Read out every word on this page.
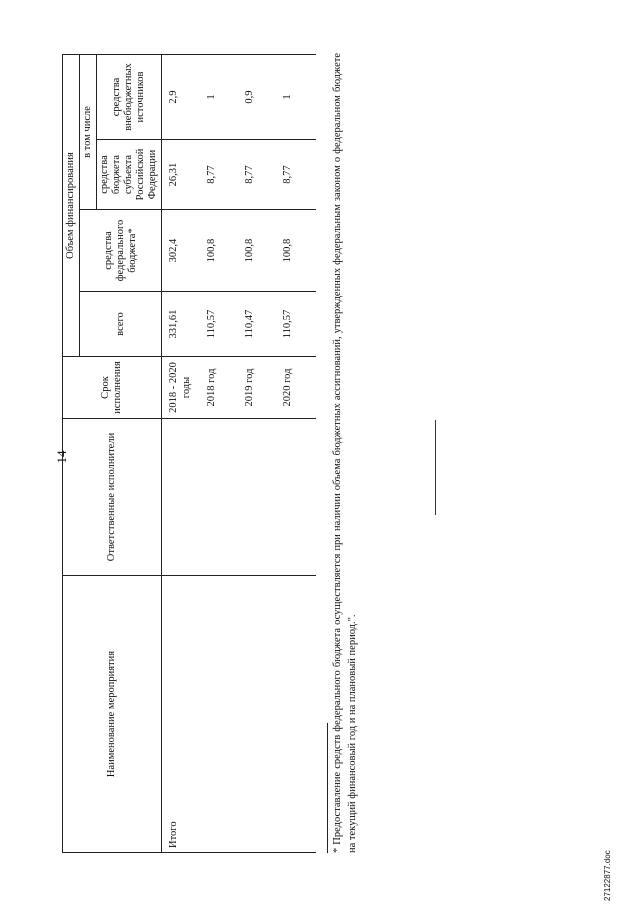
14
Наименование мероприятия	Ответственные исполнители	Срок исполнения	Объем финансирования			
			всего	средства федерального бюджета*	в том числе	
					средства бюджета субъекта Российской Федерации	средства внебюджетных источников
Итого		2018 - 2020 годы	331,61	302,4	26,31	2,9
		2018 год	110,57	100,8	8,77	1
		2019 год	110,47	100,8	8,77	0,9
		2020 год	110,57	100,8	8,77	1	* Предоставление средств федерального бюджета осуществляется при наличии объема бюджетных ассигнований, утвержденных федеральным законом о федеральном бюджете на текущий финансовый год и на плановый период.".
27122877.doc
